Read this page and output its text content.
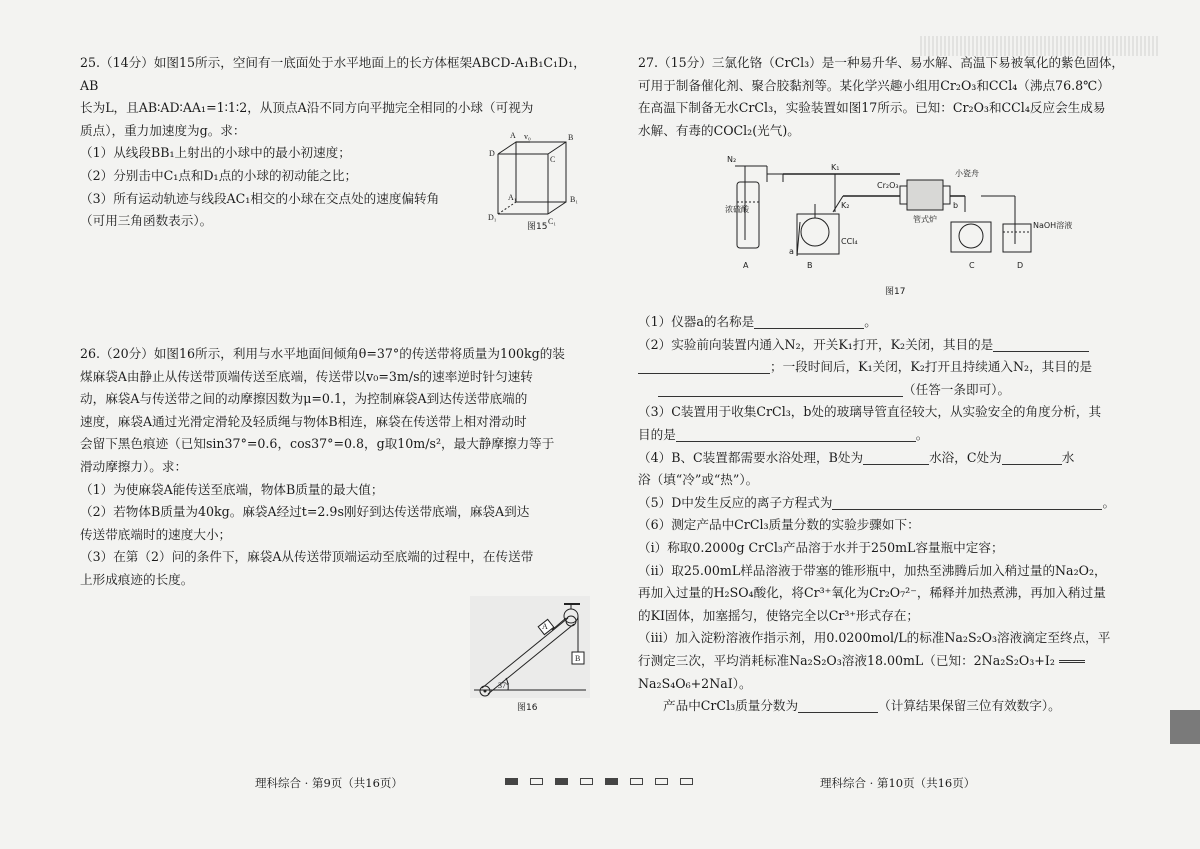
25.（14分）如图15所示，空间有一底面处于水平地面上的长方体框架ABCD-A₁B₁C₁D₁，AB

长为L，且AB∶AD∶AA₁=1∶1∶2，从顶点A沿不同方向平抛完全相同的小球（可视为

质点），重力加速度为g。求：

（1）从线段BB₁上射出的小球中的最小初速度；

（2）分别击中C₁点和D₁点的小球的初动能之比；

（3）所有运动轨迹与线段AC₁相交的小球在交点处的速度偏转角

（可用三角函数表示）。

A	B
C
D
v₀
A₁	B₁
C₁
D₁
图15

26.（20分）如图16所示，利用与水平地面间倾角θ=37°的传送带将质量为100kg的装

煤麻袋A由静止从传送带顶端传送至底端，传送带以v₀=3m/s的速率逆时针匀速转

动，麻袋A与传送带之间的动摩擦因数为μ=0.1，为控制麻袋A到达传送带底端的

速度，麻袋A通过光滑定滑轮及轻质绳与物体B相连，麻袋在传送带上相对滑动时

会留下黑色痕迹（已知sin37°=0.6，cos37°=0.8，g取10m/s²，最大静摩擦力等于

滑动摩擦力）。求：

（1）为使麻袋A能传送至底端，物体B质量的最大值；

（2）若物体B质量为40kg。麻袋A经过t=2.9s刚好到达传送带底端，麻袋A到达

传送带底端时的速度大小；

（3）在第（2）问的条件下，麻袋A从传送带顶端运动至底端的过程中，在传送带

上形成痕迹的长度。

A
B
37°
图16
理科综合 · 第9页（共16页）

27.（15分）三氯化铬（CrCl₃）是一种易升华、易水解、高温下易被氧化的紫色固体，

可用于制备催化剂、聚合胶黏剂等。某化学兴趣小组用Cr₂O₃和CCl₄（沸点76.8℃）

在高温下制备无水CrCl₃，实验装置如图17所示。已知：Cr₂O₃和CCl₄反应会生成易

水解、有毒的COCl₂(光气)。

N₂
K₁
K₂
Cr₂O₃
小瓷舟
浓硫酸
CCl₄
a
管式炉
b
NaOH溶液
A	B	C	D
图17

（1）仪器a的名称是	。

（2）实验前向装置内通入N₂，开关K₁打开，K₂关闭，其目的是

；一段时间后，K₁关闭，K₂打开且持续通入N₂，其目的是

（任答一条即可）。

（3）C装置用于收集CrCl₃，b处的玻璃导管直径较大，从实验安全的角度分析，其

目的是	。

（4）B、C装置都需要水浴处理，B处为	水浴，C处为	水

浴（填“冷”或“热”）。

（5）D中发生反应的离子方程式为	。

（6）测定产品中CrCl₃质量分数的实验步骤如下：

（ⅰ）称取0.2000g CrCl₃产品溶于水并于250mL容量瓶中定容；

（ⅱ）取25.00mL样品溶液于带塞的锥形瓶中，加热至沸腾后加入稍过量的Na₂O₂，

再加入过量的H₂SO₄酸化，将Cr³⁺氧化为Cr₂O₇²⁻，稀释并加热煮沸，再加入稍过量

的KI固体，加塞摇匀，使铬完全以Cr³⁺形式存在；

（ⅲ）加入淀粉溶液作指示剂，用0.0200mol/L的标准Na₂S₂O₃溶液滴定至终点，平

行测定三次，平均消耗标准Na₂S₂O₃溶液18.00mL（已知：2Na₂S₂O₃+I₂

Na₂S₄O₆+2NaI）。

产品中CrCl₃质量分数为	（计算结果保留三位有效数字）。

理科综合 · 第10页（共16页）
